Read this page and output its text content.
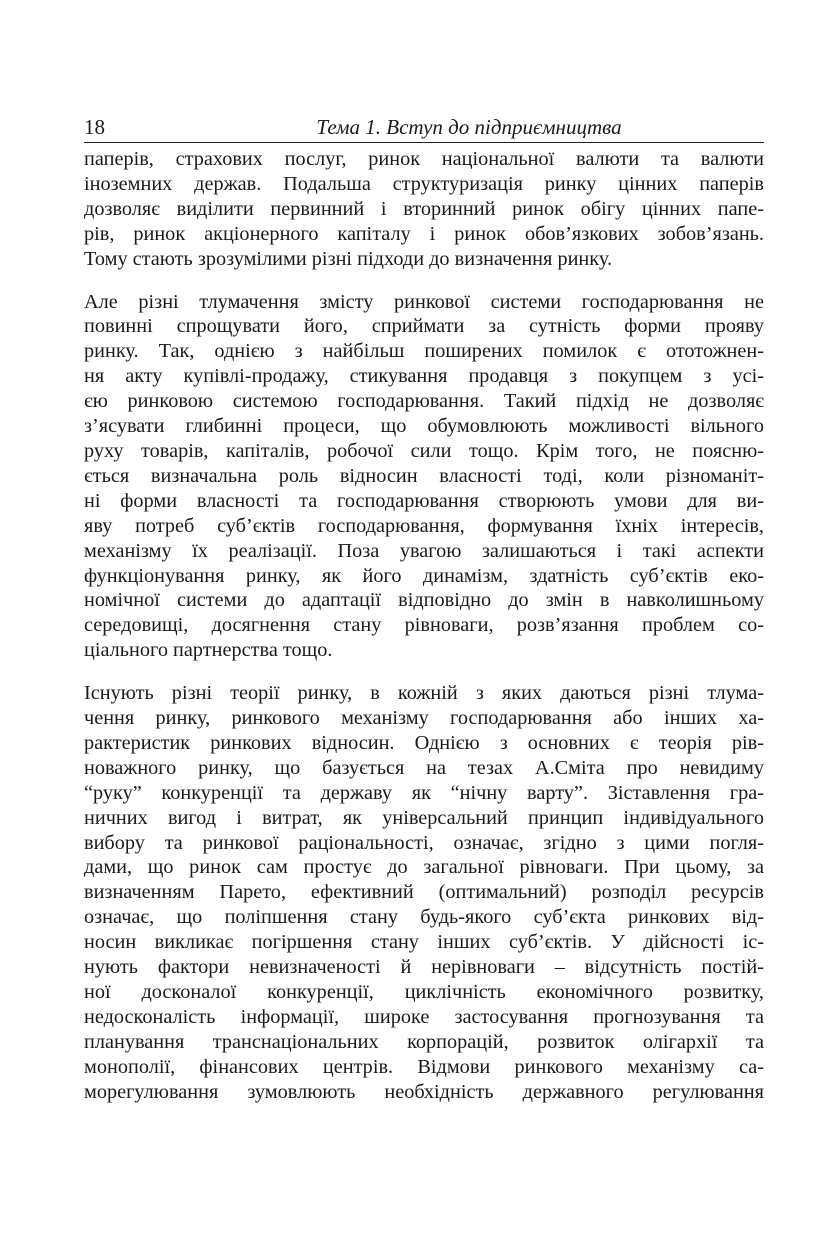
18	Тема 1. Вступ до підприємництва

паперів, страхових послуг, ринок національної валюти та валюти
іноземних держав. Подальша структуризація ринку цінних паперів
дозволяє виділити первинний і вторинний ринок обігу цінних папе-
рів, ринок акціонерного капіталу і ринок обов’язкових зобов’язань.
Тому стають зрозумілими різні підходи до визначення ринку.

Але різні тлумачення змісту ринкової системи господарювання не
повинні спрощувати його, сприймати за сутність форми прояву
ринку. Так, однією з найбільш поширених помилок є ототожнен-
ня акту купівлі-продажу, стикування продавця з покупцем з усі-
єю ринковою системою господарювання. Такий підхід не дозволяє
з’ясувати глибинні процеси, що обумовлюють можливості вільного
руху товарів, капіталів, робочої сили тощо. Крім того, не поясню-
ється визначальна роль відносин власності тоді, коли різноманіт-
ні форми власності та господарювання створюють умови для ви-
яву потреб суб’єктів господарювання, формування їхніх інтересів,
механізму їх реалізації. Поза увагою залишаються і такі аспекти
функціонування ринку, як його динамізм, здатність суб’єктів еко-
номічної системи до адаптації відповідно до змін в навколишньому
середовищі, досягнення стану рівноваги, розв’язання проблем со-
ціального партнерства тощо.

Існують різні теорії ринку, в кожній з яких даються різні тлума-
чення ринку, ринкового механізму господарювання або інших ха-
рактеристик ринкових відносин. Однією з основних є теорія рів-
новажного ринку, що базується на тезах А.Сміта про невидиму
“руку” конкуренції та державу як “нічну варту”. Зіставлення гра-
ничних вигод і витрат, як універсальний принцип індивідуального
вибору та ринкової раціональності, означає, згідно з цими погля-
дами, що ринок сам простує до загальної рівноваги. При цьому, за
визначенням Парето, ефективний (оптимальний) розподіл ресурсів
означає, що поліпшення стану будь-якого суб’єкта ринкових від-
носин викликає погіршення стану інших суб’єктів. У дійсності іс-
нують фактори невизначеності й нерівноваги – відсутність постій-
ної досконалої конкуренції, циклічність економічного розвитку,
недосконалість інформації, широке застосування прогнозування та
планування транснаціональних корпорацій, розвиток олігархії та
монополії, фінансових центрів. Відмови ринкового механізму са-
морегулювання зумовлюють необхідність державного регулювання
